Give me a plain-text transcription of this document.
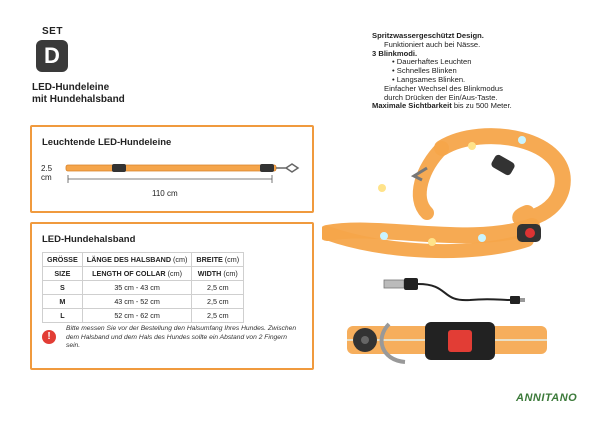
SET
D
LED-Hundeleine
mit Hundehalsband
Leuchtende LED-Hundeleine
2.5
cm
110 cm
LED-Hundehalsband
GRÖSSE	LÄNGE DES HALSBAND (cm)	BREITE (cm)
SIZE	LENGTH OF COLLAR (cm)	WIDTH (cm)
S	35 cm - 43 cm	2,5 cm
M	43 cm - 52 cm	2,5 cm
L	52 cm - 62 cm	2,5 cm
!
Bitte messen Sie vor der Bestellung den Halsumfang Ihres Hundes. Zwischen dem Halsband und dem Hals des Hundes sollte ein Abstand von 2 Fingern sein.
Spritzwassergeschützt Design.
Funktioniert auch bei Nässe.
3 Blinkmodi.
• Dauerhaftes Leuchten
• Schnelles Blinken
• Langsames Blinken.
Einfacher Wechsel des Blinkmodus
durch Drücken der Ein/Aus-Taste.
Maximale Sichtbarkeit bis zu 500 Meter.
ANNITANO
